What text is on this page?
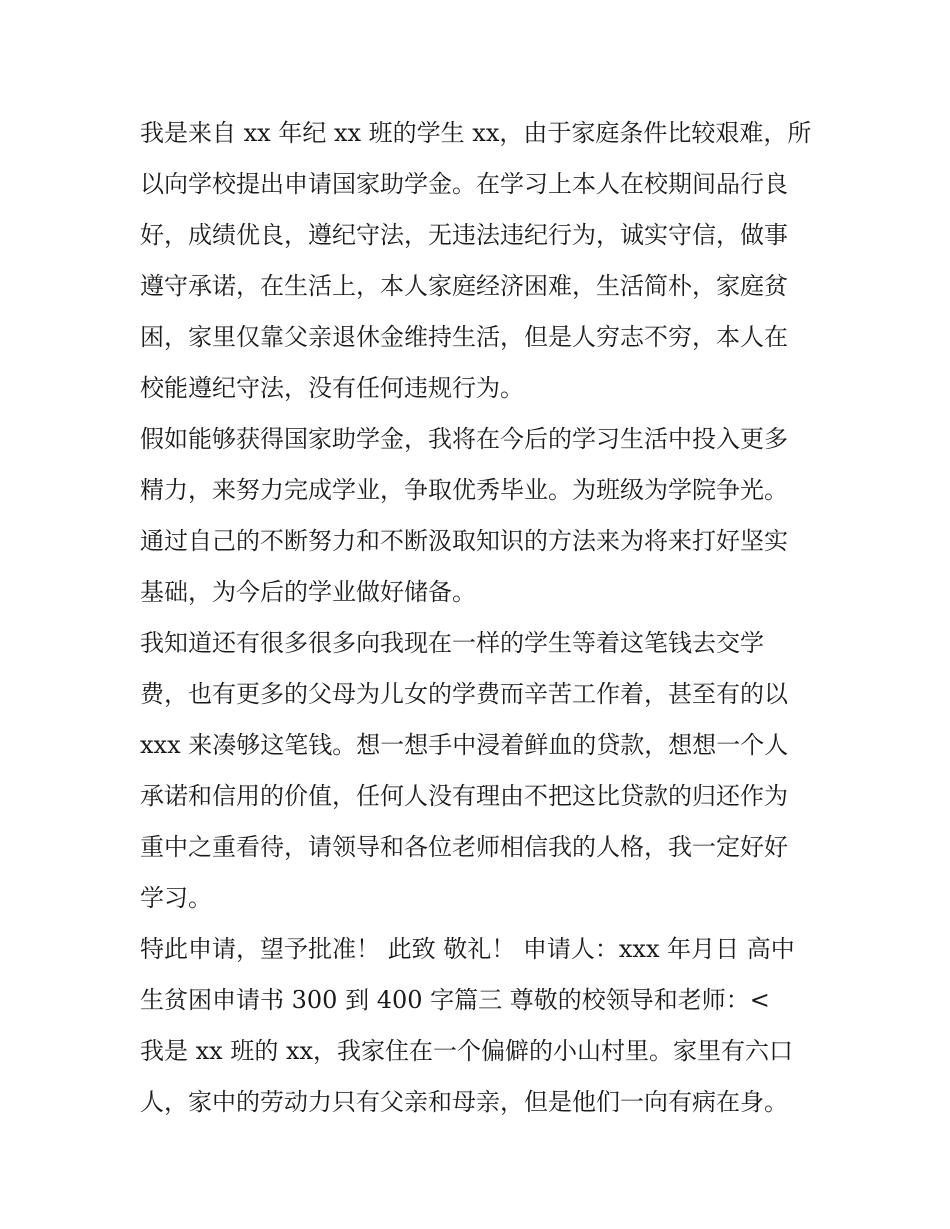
我是来自 xx 年纪 xx 班的学生 xx，由于家庭条件比较艰难，所
以向学校提出申请国家助学金。在学习上本人在校期间品行良
好，成绩优良，遵纪守法，无违法违纪行为，诚实守信，做事
遵守承诺，在生活上，本人家庭经济困难，生活简朴，家庭贫
困，家里仅靠父亲退休金维持生活，但是人穷志不穷，本人在
校能遵纪守法，没有任何违规行为。
假如能够获得国家助学金，我将在今后的学习生活中投入更多
精力，来努力完成学业，争取优秀毕业。为班级为学院争光。
通过自己的不断努力和不断汲取知识的方法来为将来打好坚实
基础，为今后的学业做好储备。
我知道还有很多很多向我现在一样的学生等着这笔钱去交学
费，也有更多的父母为儿女的学费而辛苦工作着，甚至有的以
xxx 来凑够这笔钱。想一想手中浸着鲜血的贷款，想想一个人
承诺和信用的价值，任何人没有理由不把这比贷款的归还作为
重中之重看待，请领导和各位老师相信我的人格，我一定好好
学习。
特此申请，望予批准！ 此致 敬礼！ 申请人：xxx 年月日 高中
生贫困申请书 300 到 400 字篇三 尊敬的校领导和老师：<
我是 xx 班的 xx，我家住在一个偏僻的小山村里。家里有六口
人，家中的劳动力只有父亲和母亲，但是他们一向有病在身。
